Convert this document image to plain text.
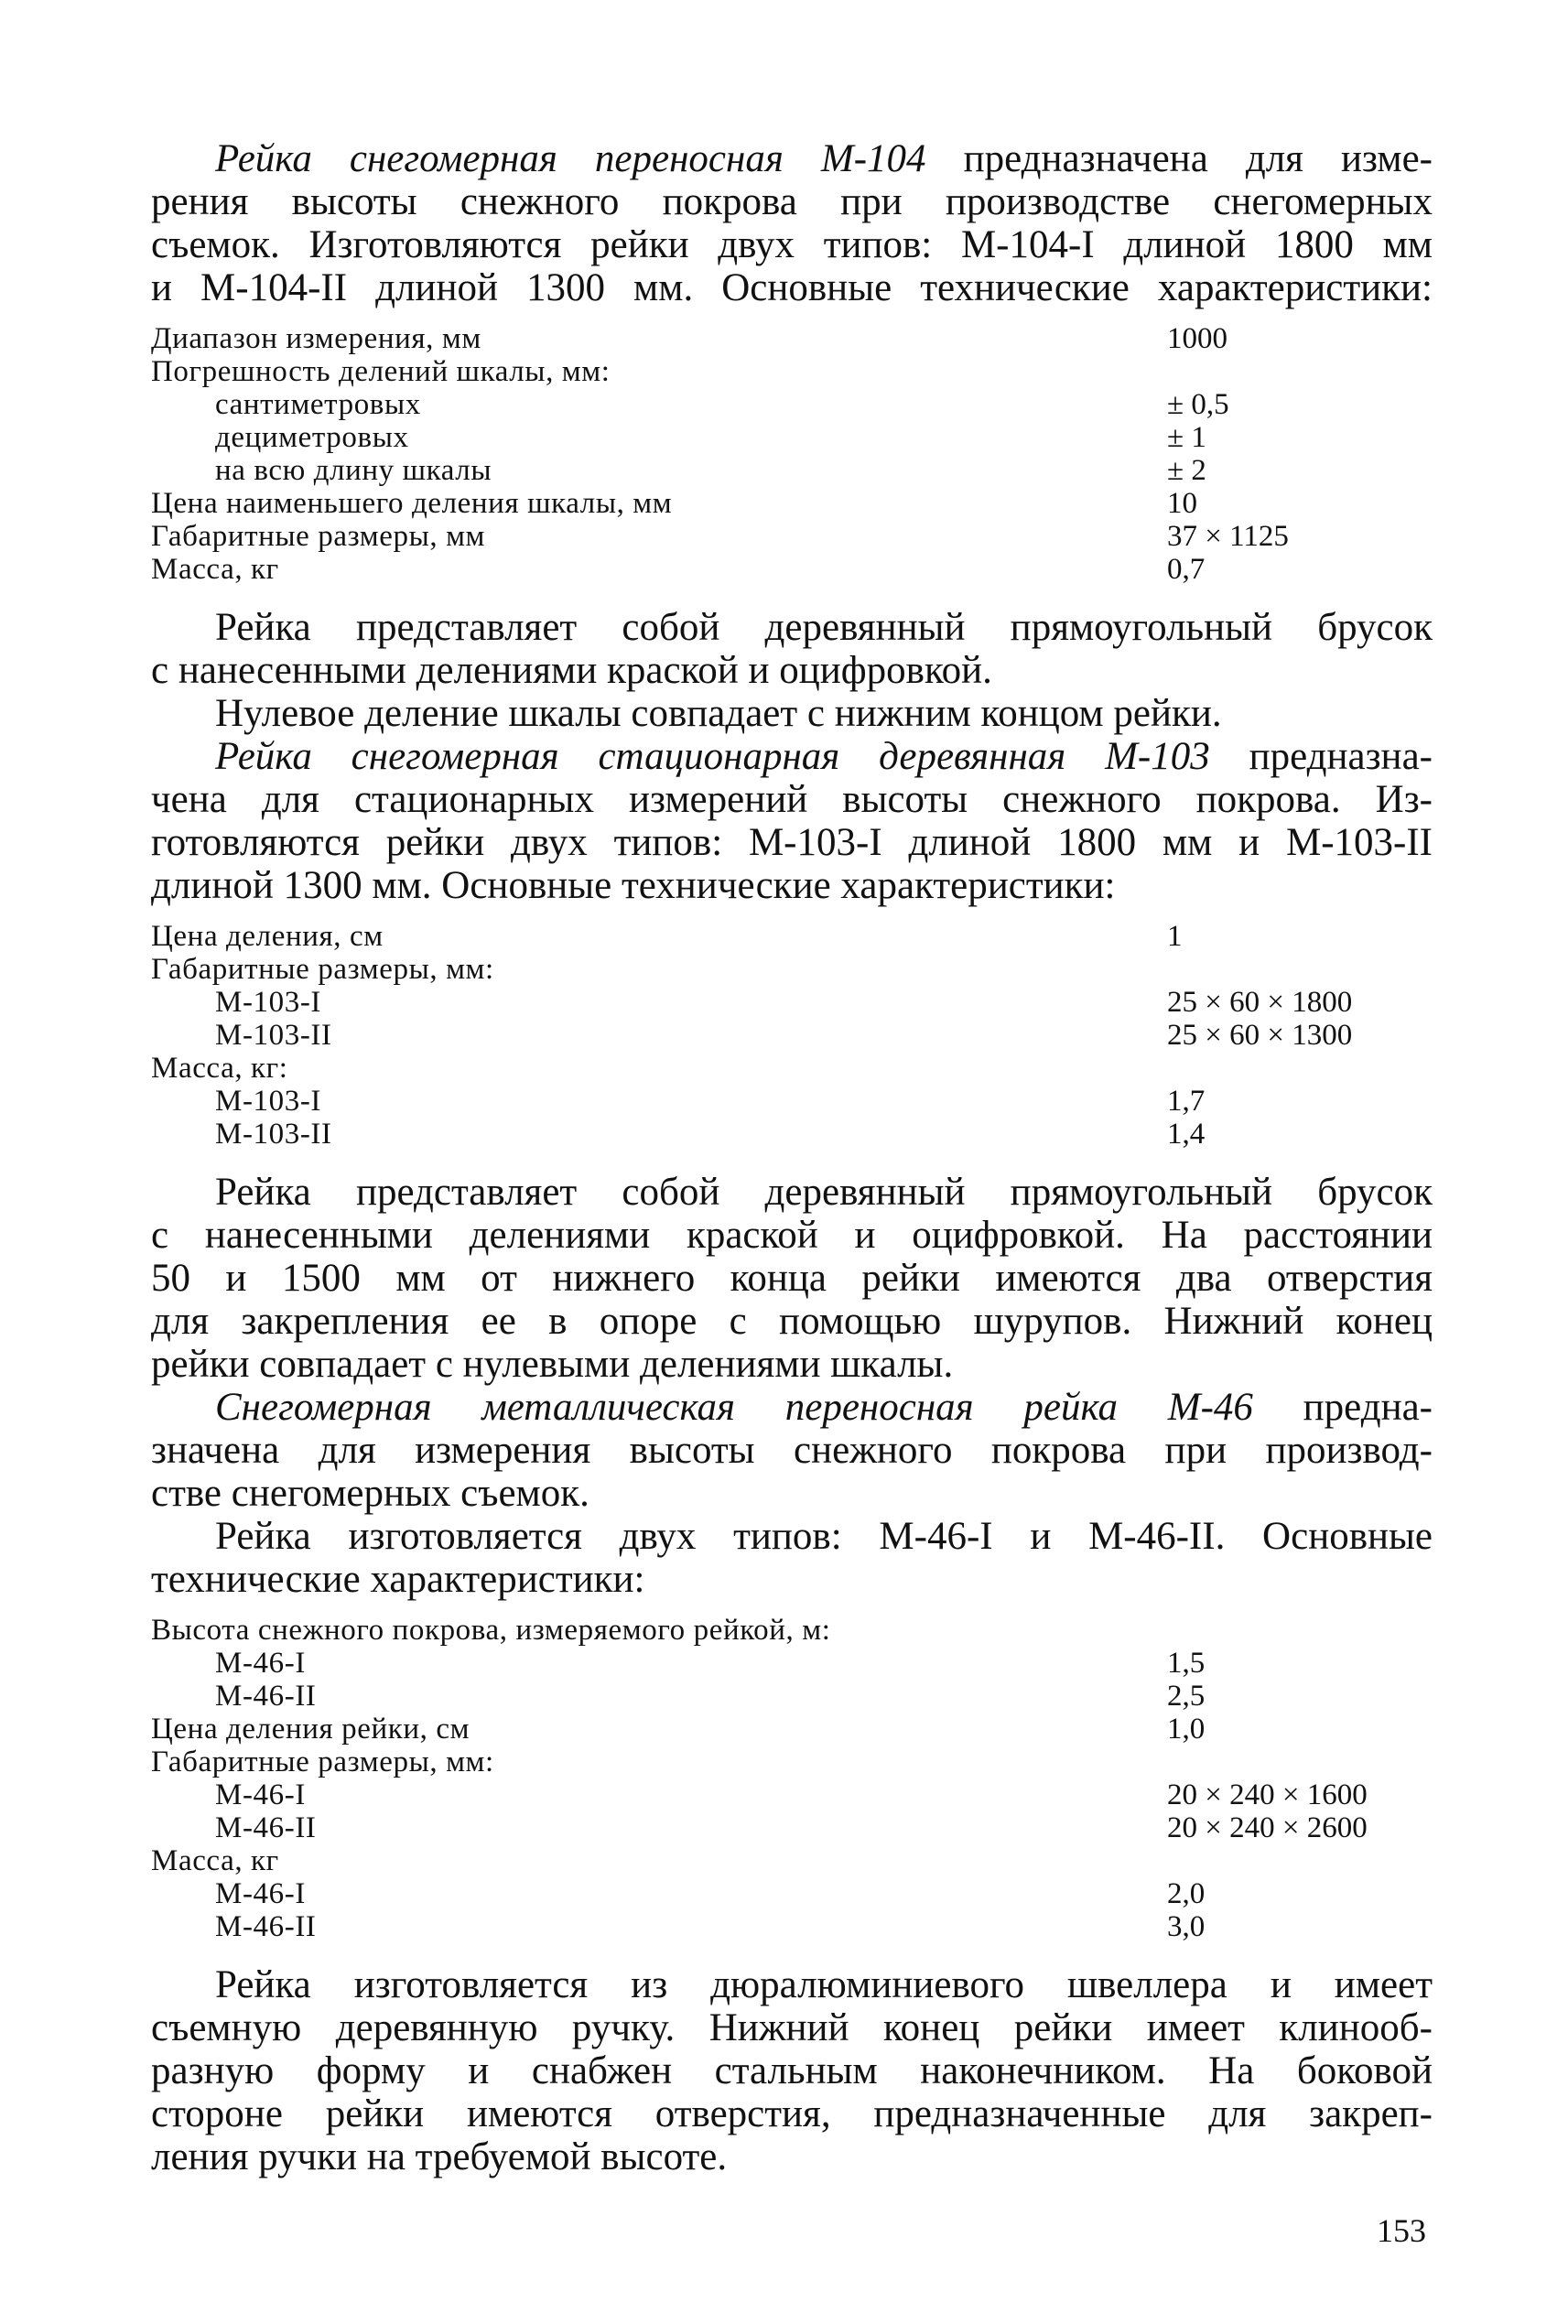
Рейка снегомерная переносная М-104 предназначена для изме-
рения высоты снежного покрова при производстве снегомерных
съемок. Изготовляются рейки двух типов: М-104-I длиной 1800 мм
и М-104-II длиной 1300 мм. Основные технические характеристики:

Диапазон измерения, мм	1000
Погрешность делений шкалы, мм:	
сантиметровых	± 0,5
дециметровых	± 1
на всю длину шкалы	± 2
Цена наименьшего деления шкалы, мм	10
Габаритные размеры, мм	37 × 1125
Масса, кг	0,7

Рейка представляет собой деревянный прямоугольный брусок
с нанесенными делениями краской и оцифровкой.

Нулевое деление шкалы совпадает с нижним концом рейки.

Рейка снегомерная стационарная деревянная М-103 предназна-
чена для стационарных измерений высоты снежного покрова. Из-
готовляются рейки двух типов: М-103-I длиной 1800 мм и М-103-II
длиной 1300 мм. Основные технические характеристики:

Цена деления, см	1
Габаритные размеры, мм:	
М-103-I	25 × 60 × 1800
М-103-II	25 × 60 × 1300
Масса, кг:	
М-103-I	1,7
М-103-II	1,4

Рейка представляет собой деревянный прямоугольный брусок
с нанесенными делениями краской и оцифровкой. На расстоянии
50 и 1500 мм от нижнего конца рейки имеются два отверстия
для закрепления ее в опоре с помощью шурупов. Нижний конец
рейки совпадает с нулевыми делениями шкалы.

Снегомерная металлическая переносная рейка М-46 предна-
значена для измерения высоты снежного покрова при производ-
стве снегомерных съемок.

Рейка изготовляется двух типов: М-46-I и М-46-II. Основные
технические характеристики:

Высота снежного покрова, измеряемого рейкой, м:	
М-46-I	1,5
М-46-II	2,5
Цена деления рейки, см	1,0
Габаритные размеры, мм:	
М-46-I	20 × 240 × 1600
М-46-II	20 × 240 × 2600
Масса, кг	
М-46-I	2,0
М-46-II	3,0

Рейка изготовляется из дюралюминиевого швеллера и имеет
съемную деревянную ручку. Нижний конец рейки имеет клинооб-
разную форму и снабжен стальным наконечником. На боковой
стороне рейки имеются отверстия, предназначенные для закреп-
ления ручки на требуемой высоте.

153
